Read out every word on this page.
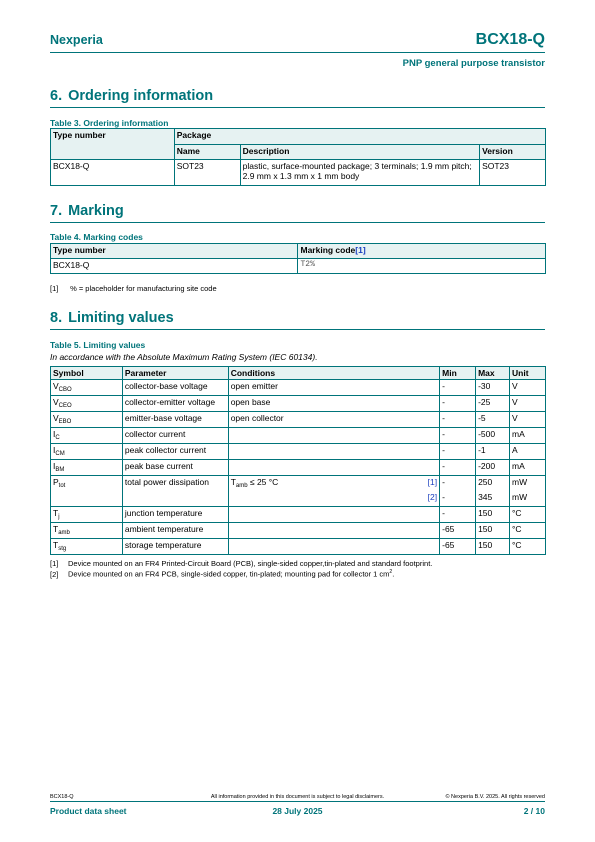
Nexperia	BCX18-Q
PNP general purpose transistor
6. Ordering information
Table 3. Ordering information
Type number	Package		
	Name	Description	Version
BCX18-Q	SOT23	plastic, surface-mounted package; 3 terminals; 1.9 mm pitch; 2.9 mm x 1.3 mm x 1 mm body	SOT23
7. Marking
Table 4. Marking codes
Type number	Marking code[1]
BCX18-Q	T2%
[1] % = placeholder for manufacturing site code
8. Limiting values
Table 5. Limiting values
In accordance with the Absolute Maximum Rating System (IEC 60134).
Symbol	Parameter	Conditions		Min	Max	Unit
$V_{CBO}$	collector-base voltage	open emitter		-	-30	V
$V_{CEO}$	collector-emitter voltage	open base		-	-25	V
$V_{EBO}$	emitter-base voltage	open collector		-	-5	V
$I_C$	collector current			-	-500	mA
$I_{CM}$	peak collector current			-	-1	A
$I_{BM}$	peak base current			-	-200	mA
$P_{tot}$	total power dissipation	$T_{amb} \le 25$ °C	[1]	-	250	mW
			[2]	-	345	mW
$T_j$	junction temperature			-	150	°C
$T_{amb}$	ambient temperature			-65	150	°C
$T_{stg}$	storage temperature			-65	150	°C
[1] Device mounted on an FR4 Printed-Circuit Board (PCB), single-sided copper,tin-plated and standard footprint.
[2] Device mounted on an FR4 PCB, single-sided copper, tin-plated; mounting pad for collector 1 $cm^2$.
BCX18-Q	All information provided in this document is subject to legal disclaimers.	© Nexperia B.V. 2025. All rights reserved
Product data sheet	28 July 2025	2 / 10
